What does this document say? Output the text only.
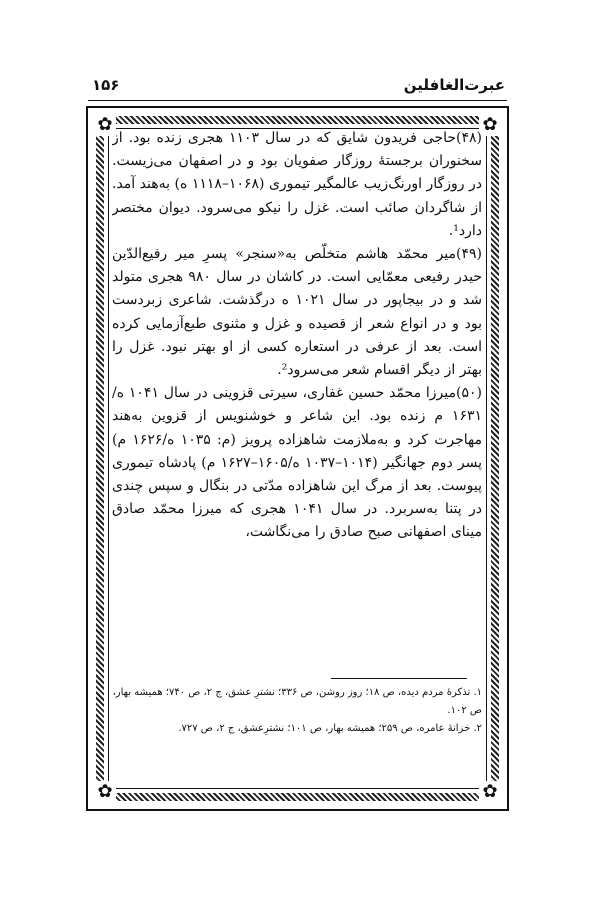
عبرت‌الغافلین
۱۵۶
✿	✿
✿	✿

(۴۸)حاجی فریدون شایق که در سال ۱۱۰۳ هجری زنده بود. از سخنوران برجستهٔ روزگار صفویان بود و در اصفهان می‌زیست. در روزگار اورنگ‌زیب عالمگیر تیموری (۱۰۶۸–۱۱۱۸ ه) به‌هند آمد. از شاگردان صائب است. غزل را نیکو می‌سرود. دیوان مختصر دارد¹.

(۴۹)میر محمّد هاشم متخلّص به«سنجر» پسرِ میر رفیع‌الدّین حیدر رفیعی معمّایی است. در کاشان در سال ۹۸۰ هجری متولد شد و در بیجاپور در سال ۱۰۲۱ ه درگذشت. شاعری زبردست بود و در انواع شعر از قصیده و غزل و مثنوی طبع‌آزمایی کرده است. بعد از عرفی در استعاره کسی از او بهتر نبود. غزل را بهتر از دیگر اقسام شعر می‌سرود².

(۵۰)میرزا محمّد حسین غفاری، سیرتی قزوینی در سال ۱۰۴۱ ه/ ۱۶۳۱ م زنده بود. این شاعر و خوشنویس از قزوین به‌هند مهاجرت کرد و به‌ملازمت شاهزاده پرویز (م: ۱۰۳۵ ه/۱۶۲۶ م) پسر دوم جهانگیر (۱۰۱۴–۱۰۳۷ ه/۱۶۰۵–۱۶۲۷ م) پادشاه تیموری پیوست. بعد از مرگ این شاهزاده مدّتی در بنگال و سپس چندی در پتنا به‌سربرد. در سال ۱۰۴۱ هجری که میرزا محمّد صادق مینای اصفهانی صبح صادق را می‌نگاشت،

۱. تذکرهٔ مردم دیده، ص ۱۸؛ روز روشن، ص ۳۳۶؛ نشترِ عشق، ج ۲، ص ۷۴۰؛ همیشه بهار، ص ۱۰۲.

۲. خزانهٔ عامره، ص ۲۵۹؛ همیشه بهار، ص ۱۰۱؛ نشترِعشق، ج ۲، ص ۷۲۷.
